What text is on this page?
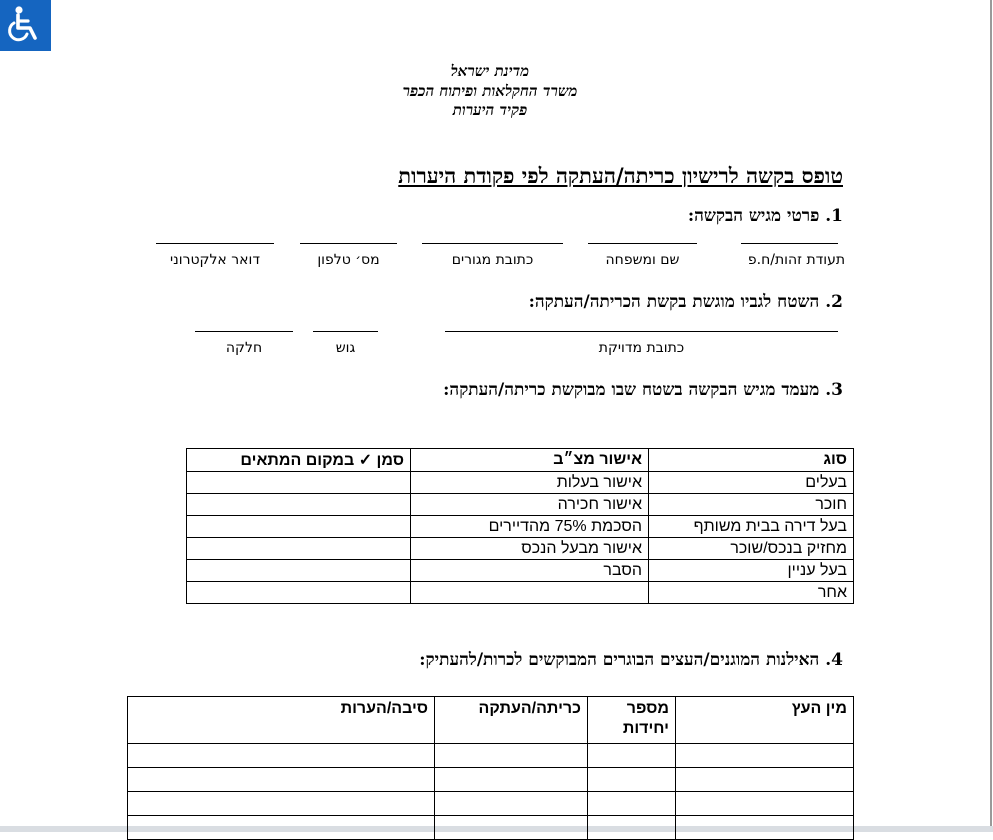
מדינת ישראל
משרד החקלאות ופיתוח הכפר
פקיד היערות
טופס בקשה לרישיון כריתה/העתקה לפי פקודת היערות
1. פרטי מגיש הבקשה:
תעודת זהות/ח.פ
שם ומשפחה
כתובת מגורים
מס׳ טלפון
דואר אלקטרוני
2. השטח לגביו מוגשת בקשת הכריתה/העתקה:
כתובת מדויקת
גוש
חלקה
3. מעמד מגיש הבקשה בשטח שבו מבוקשת כריתה/העתקה:
סוג	אישור מצ״ב	סמן ✓ במקום המתאים
בעלים	אישור בעלות	
חוכר	אישור חכירה	
בעל דירה בבית משותף	הסכמת 75% מהדיירים	
מחזיק בנכס/שוכר	אישור מבעל הנכס	
בעל עניין	הסבר	
אחר		
4. האילנות המוגנים/העצים הבוגרים המבוקשים לכרות/להעתיק:
מין העץ	מספר יחידות	כריתה/העתקה	סיבה/הערות
